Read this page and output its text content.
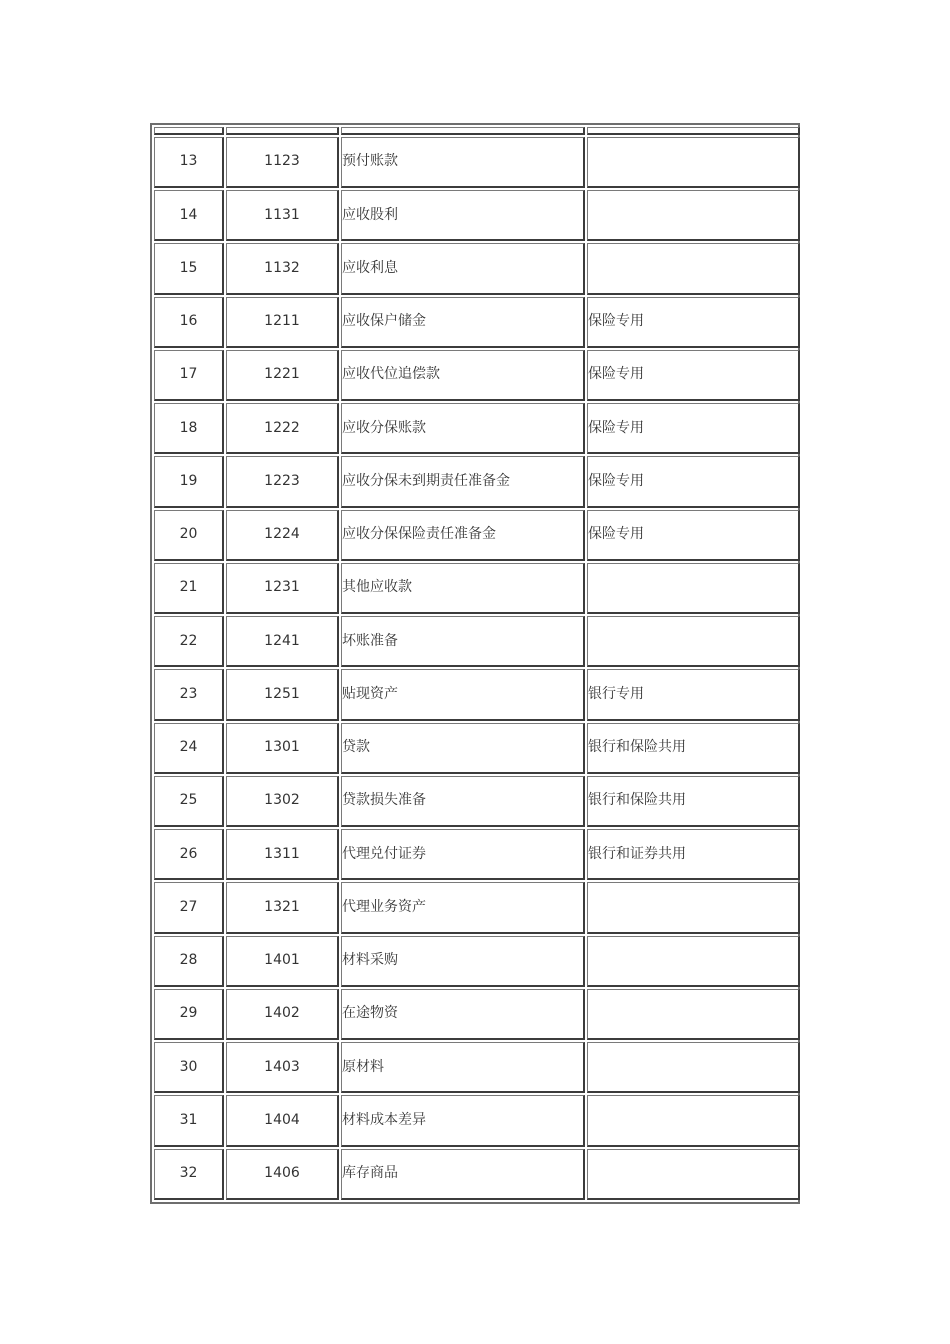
13	1123	预付账款	
14	1131	应收股利	
15	1132	应收利息	
16	1211	应收保户储金	保险专用
17	1221	应收代位追偿款	保险专用
18	1222	应收分保账款	保险专用
19	1223	应收分保未到期责任准备金	保险专用
20	1224	应收分保保险责任准备金	保险专用
21	1231	其他应收款	
22	1241	坏账准备	
23	1251	贴现资产	银行专用
24	1301	贷款	银行和保险共用
25	1302	贷款损失准备	银行和保险共用
26	1311	代理兑付证券	银行和证券共用
27	1321	代理业务资产	
28	1401	材料采购	
29	1402	在途物资	
30	1403	原材料	
31	1404	材料成本差异	
32	1406	库存商品	
